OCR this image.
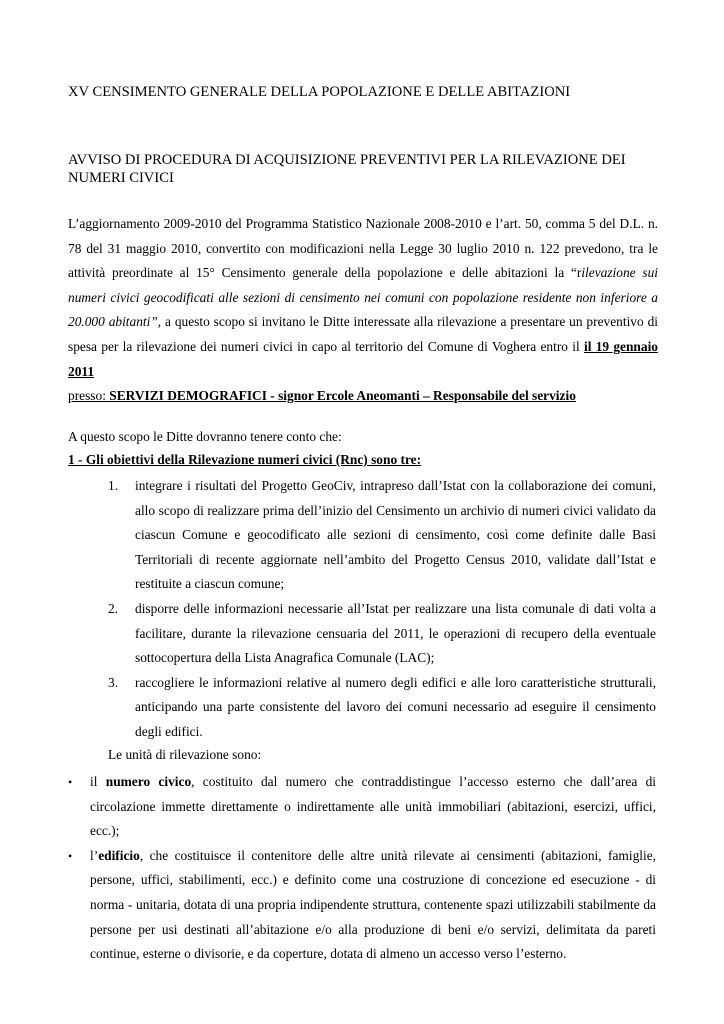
XV CENSIMENTO GENERALE DELLA POPOLAZIONE E DELLE ABITAZIONI
AVVISO DI PROCEDURA DI ACQUISIZIONE PREVENTIVI PER LA RILEVAZIONE DEI
NUMERI CIVICI
L’aggiornamento 2009-2010 del Programma Statistico Nazionale 2008-2010 e l’art. 50, comma 5 del D.L. n.
78 del 31 maggio 2010, convertito con modificazioni nella Legge 30 luglio 2010 n. 122 prevedono, tra le
attività preordinate al 15° Censimento generale della popolazione e delle abitazioni la “rilevazione sui
numeri civici geocodificati alle sezioni di censimento nei comuni con popolazione residente non inferiore a
20.000 abitanti”, a questo scopo si invitano le Ditte interessate alla rilevazione a presentare un preventivo di
spesa per la rilevazione dei numeri civici in capo al territorio del Comune di Voghera entro il il 19 gennaio
2011
presso: SERVIZI DEMOGRAFICI - signor Ercole Aneomanti – Responsabile del servizio

A questo scopo le Ditte dovranno tenere conto che:

1 - Gli obiettivi della Rilevazione numeri civici (Rnc) sono tre:

1. integrare i risultati del Progetto GeoCiv, intrapreso dall’Istat con la collaborazione dei comuni,
allo scopo di realizzare prima dell’inizio del Censimento un archivio di numeri civici validato da
ciascun Comune e geocodificato alle sezioni di censimento, così come definite dalle Basi
Territoriali di recente aggiornate nell’ambito del Progetto Census 2010, validate dall’Istat e
restituite a ciascun comune;
2. disporre delle informazioni necessarie all’Istat per realizzare una lista comunale di dati volta a
facilitare, durante la rilevazione censuaria del 2011, le operazioni di recupero della eventuale
sottocopertura della Lista Anagrafica Comunale (LAC);
3. raccogliere le informazioni relative al numero degli edifici e alle loro caratteristiche strutturali,
anticipando una parte consistente del lavoro dei comuni necessario ad eseguire il censimento
degli edifici.

Le unità di rilevazione sono:

• il numero civico, costituito dal numero che contraddistingue l’accesso esterno che dall’area di
circolazione immette direttamente o indirettamente alle unità immobiliari (abitazioni, esercizi, uffici,
ecc.);
• l’edificio, che costituisce il contenitore delle altre unità rilevate ai censimenti (abitazioni, famiglie,
persone, uffici, stabilimenti, ecc.) e definito come una costruzione di concezione ed esecuzione - di
norma - unitaria, dotata di una propria indipendente struttura, contenente spazi utilizzabili stabilmente da
persone per usi destinati all’abitazione e/o alla produzione di beni e/o servizi, delimitata da pareti
continue, esterne o divisorie, e da coperture, dotata di almeno un accesso verso l’esterno.
